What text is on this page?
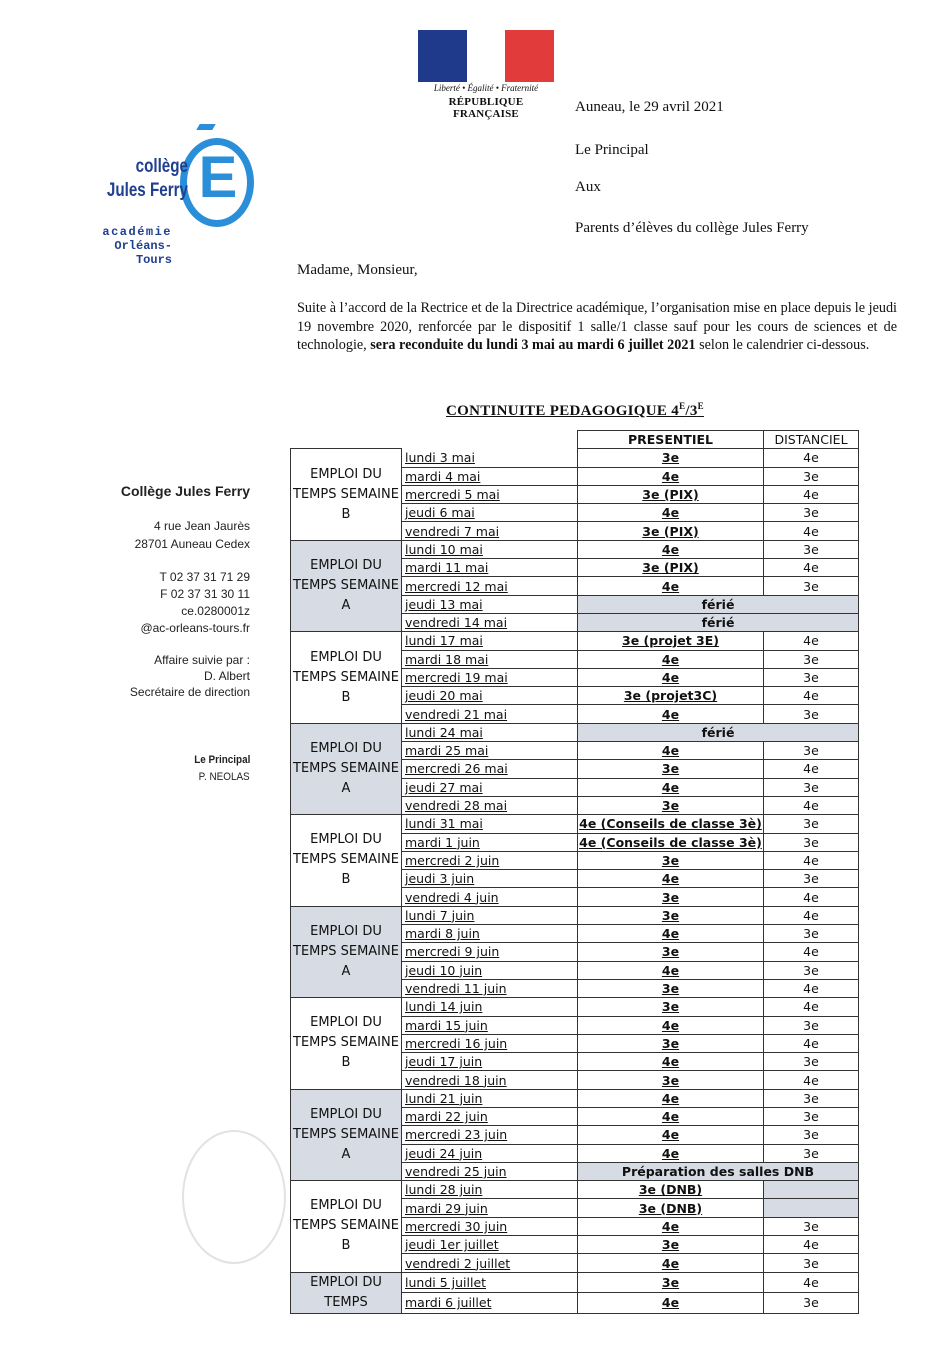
Liberté • Égalité • Fraternité
RÉPUBLIQUE FRANÇAISE
E
collège
Jules Ferry
académie
Orléans-Tours
Auneau, le 29 avril 2021
Le Principal
Aux
Parents d’élèves du collège Jules Ferry
Madame, Monsieur,
Suite à l’accord de la Rectrice et de la Directrice académique, l’organisation mise en place depuis le jeudi 19 novembre 2020, renforcée par le dispositif 1 salle/1 classe sauf pour les cours de sciences et de technologie, sera reconduite du lundi 3 mai au mardi 6 juillet 2021 selon le calendrier ci-dessous.
Collège Jules Ferry
4 rue Jean Jaurès
28701 Auneau Cedex
T 02 37 31 71 29
F 02 37 31 30 11
ce.0280001z
@ac-orleans-tours.fr
Affaire suivie par :
D. Albert
Secrétaire de direction
Le Principal
P. NEOLAS
CONTINUITE PEDAGOGIQUE $4^E/3^E$
		PRESENTIEL	DISTANCIEL
EMPLOI DU TEMPS SEMAINE B	lundi 3 mai	3e	4e
	mardi 4 mai	4e	3e
	mercredi 5 mai	3e (PIX)	4e
	jeudi 6 mai	4e	3e
	vendredi 7 mai	3e (PIX)	4e
EMPLOI DU TEMPS SEMAINE A	lundi 10 mai	4e	3e
	mardi 11 mai	3e (PIX)	4e
	mercredi 12 mai	4e	3e
	jeudi 13 mai	férié	
	vendredi 14 mai	férié	
EMPLOI DU TEMPS SEMAINE B	lundi 17 mai	3e (projet 3E)	4e
	mardi 18 mai	4e	3e
	mercredi 19 mai	4e	3e
	jeudi 20 mai	3e (projet3C)	4e
	vendredi 21 mai	4e	3e
EMPLOI DU TEMPS SEMAINE A	lundi 24 mai	férié	
	mardi 25 mai	4e	3e
	mercredi 26 mai	3e	4e
	jeudi 27 mai	4e	3e
	vendredi 28 mai	3e	4e
EMPLOI DU TEMPS SEMAINE B	lundi 31 mai	4e (Conseils de classe 3è)	3e
	mardi 1 juin	4e (Conseils de classe 3è)	3e
	mercredi 2 juin	3e	4e
	jeudi 3 juin	4e	3e
	vendredi 4 juin	3e	4e
EMPLOI DU TEMPS SEMAINE A	lundi 7 juin	3e	4e
	mardi 8 juin	4e	3e
	mercredi 9 juin	3e	4e
	jeudi 10 juin	4e	3e
	vendredi 11 juin	3e	4e
EMPLOI DU TEMPS SEMAINE B	lundi 14 juin	3e	4e
	mardi 15 juin	4e	3e
	mercredi 16 juin	3e	4e
	jeudi 17 juin	4e	3e
	vendredi 18 juin	3e	4e
EMPLOI DU TEMPS SEMAINE A	lundi 21 juin	4e	3e
	mardi 22 juin	4e	3e
	mercredi 23 juin	4e	3e
	jeudi 24 juin	4e	3e
	vendredi 25 juin	Préparation des salles DNB	
EMPLOI DU TEMPS SEMAINE B	lundi 28 juin	3e (DNB)	
	mardi 29 juin	3e (DNB)	
	mercredi 30 juin	4e	3e
	jeudi 1er juillet	3e	4e
	vendredi 2 juillet	4e	3e
EMPLOI DU TEMPS	lundi 5 juillet	3e	4e
	mardi 6 juillet	4e	3e
